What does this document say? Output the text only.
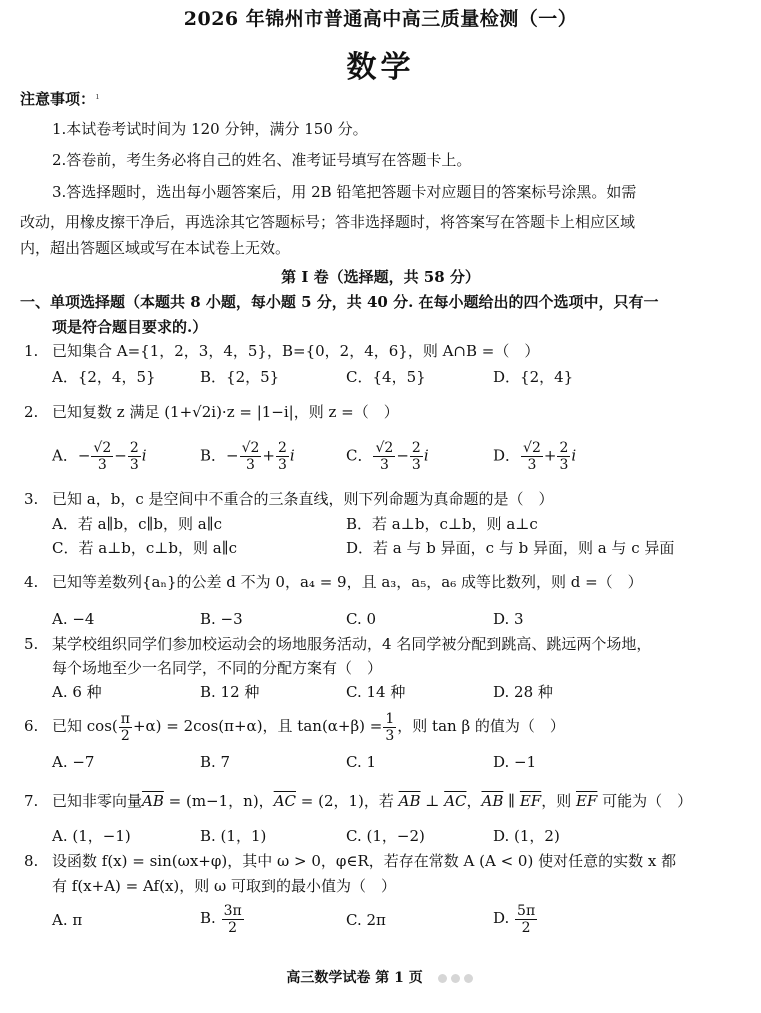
2026 年锦州市普通高中高三质量检测（一）
数学
注意事项： ı
1.本试卷考试时间为 120 分钟，满分 150 分。
2.答卷前，考生务必将自己的姓名、准考证号填写在答题卡上。
3.答选择题时，选出每小题答案后，用 2B 铅笔把答题卡对应题目的答案标号涂黑。如需
改动，用橡皮擦干净后，再选涂其它答题标号；答非选择题时，将答案写在答题卡上相应区域
内，超出答题区域或写在本试卷上无效。
第 I 卷（选择题，共 58 分）
一、单项选择题（本题共 8 小题，每小题 5 分，共 40 分. 在每小题给出的四个选项中，只有一
项是符合题目要求的.）
1. 已知集合 A={1，2，3，4，5}，B={0，2，4，6}，则 A∩B =（　）
A．{2，4，5}	B．{2，5}	C．{4，5}	D．{2，4}
2. 已知复数 z 满足 (1+√2i)·z = |1−i|，则 z =（　）
A．− $\frac{√2}{3} - \frac{2}{3}$ i	B．− $\frac{√2}{3} + \frac{2}{3}$ i	C． $\frac{√2}{3} - \frac{2}{3}$ i	D． $\frac{√2}{3} + \frac{2}{3}$ i
3. 已知 a，b，c 是空间中不重合的三条直线，则下列命题为真命题的是（　）
A．若 a∥b，c∥b，则 a∥c	B．若 a⊥b，c⊥b，则 a⊥c
C．若 a⊥b，c⊥b，则 a∥c	D．若 a 与 b 异面，c 与 b 异面，则 a 与 c 异面
4. 已知等差数列{aₙ}的公差 d 不为 0，a₄ = 9，且 a₃，a₅，a₆ 成等比数列，则 d =（　）
A. −4	B. −3	C. 0	D. 3
5. 某学校组织同学们参加校运动会的场地服务活动，4 名同学被分配到跳高、跳远两个场地，
每个场地至少一名同学，不同的分配方案有（　）
A. 6 种	B. 12 种	C. 14 种	D. 28 种
6. 已知 $\cos( \frac{\pi}{2} +\alpha) = 2\cos(\pi+\alpha)$，且 $\tan(\alpha+\beta) = \frac{1}{3}$ ，则 tan β 的值为（　）
A. −7	B. 7	C. 1	D. −1
7. 已知非零向量$\overline{AB} = (m-1$，n)，$\overline{AC} = (2$，1)，若 $\overline{AB}$ ⊥ $\overline{AC}$，$\overline{AB}$ ∥ $\overline{EF}$，则 $\overline{EF}$ 可能为（　）
A. (1，−1)	B. (1，1)	C. (1，−2)	D. (1，2)
8. 设函数 f(x) = sin(ωx+φ)，其中 ω > 0，φ∈R，若存在常数 A (A < 0) 使对任意的实数 x 都
有 f(x+A) = Af(x)，则 ω 可取到的最小值为（　）
A. π	B. $\frac{3\pi}{2}$	C. 2π	D. $\frac{5\pi}{2}$
高三数学试卷 第 1 页
